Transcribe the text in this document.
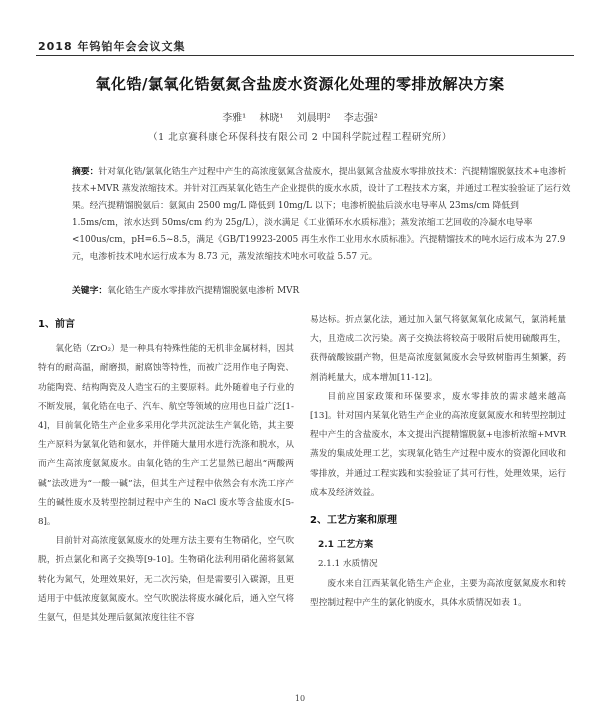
2018 年钨铂年会会议文集
氧化锆/氯氧化锆氨氮含盐废水资源化处理的零排放解决方案
李雅¹ 林晓¹ 刘晨明² 李志强²
（1 北京赛科康仑环保科技有限公司 2 中国科学院过程工程研究所）
摘要：针对氧化锆/氯氧化锆生产过程中产生的高浓度氨氮含盐废水，提出氨氮含盐废水零排放技术：汽提精馏脱氨技术+电渗析技术+MVR 蒸发浓缩技术。并针对江西某氧化锆生产企业提供的废水水质，设计了工程技术方案，并通过工程实验验证了运行效果。经汽提精馏脱氨后：氨氮由 2500 mg/L 降低到 10mg/L 以下；电渗析脱盐后淡水电导率从 23ms/cm 降低到 1.5ms/cm，浓水达到 50ms/cm 约为 25g/L），淡水满足《工业循环水水质标准》；蒸发浓缩工艺回收的冷凝水电导率<100us/cm，pH=6.5~8.5，满足《GB/T19923-2005 再生水作工业用水水质标准》。汽提精馏技术的吨水运行成本为 27.9 元，电渗析技术吨水运行成本为 8.73 元，蒸发浓缩技术吨水可收益 5.57 元。
关键字：氧化锆生产废水零排放汽提精馏脱氨电渗析 MVR
1、前言

氧化锆（ZrO₂）是一种具有特殊性能的无机非金属材料，因其特有的耐高温，耐磨损，耐腐蚀等特性，而被广泛用作电子陶瓷、功能陶瓷、结构陶瓷及人造宝石的主要原料。此外随着电子行业的不断发展，氧化锆在电子、汽车、航空等领域的应用也日益广泛[1-4]，目前氧化锆生产企业多采用化学共沉淀法生产氧化锆，其主要生产原料为氯氧化锆和氨水，并伴随大量用水进行洗涤和脱水，从而产生高浓度氨氮废水。由氧化锆的生产工艺显然已超出“两酸两碱”法改进为“一酸一碱”法，但其生产过程中依然会有水洗工序产生的碱性废水及转型控制过程中产生的 NaCl 废水等含盐废水[5-8]。

目前针对高浓度氨氮废水的处理方法主要有生物硝化，空气吹脱，折点氯化和离子交换等[9-10]。生物硝化法利用硝化菌将氨氮转化为氮气，处理效果好，无二次污染，但是需要引入碳源，且更适用于中低浓度氨氮废水。空气吹脱法将废水碱化后，通入空气将生氨气，但是其处理后氨氮浓度往往不容

易达标。折点氯化法，通过加入氯气将氨氮氧化成氮气，氯消耗量大，且造成二次污染。离子交换法将较高于吸附后使用硫酸再生，获得硫酸铵副产物，但是高浓度氨氮废水会导致树脂再生频繁，药剂消耗量大，成本增加[11-12]。

目前应国家政策和环保要求，废水零排放的需求越来越高[13]。针对国内某氧化锆生产企业的高浓度氨氮废水和转型控制过程中产生的含盐废水，本文提出汽提精馏脱氨+电渗析浓缩+MVR 蒸发的集成处理工艺，实现氧化锆生产过程中废水的资源化回收和零排放，并通过工程实践和实验验证了其可行性，处理效果，运行成本及经济效益。

2、工艺方案和原理
2.1 工艺方案
2.1.1 水质情况

废水来自江西某氧化锆生产企业，主要为高浓度氨氮废水和转型控制过程中产生的氯化钠废水，具体水质情况如表 1。

10
